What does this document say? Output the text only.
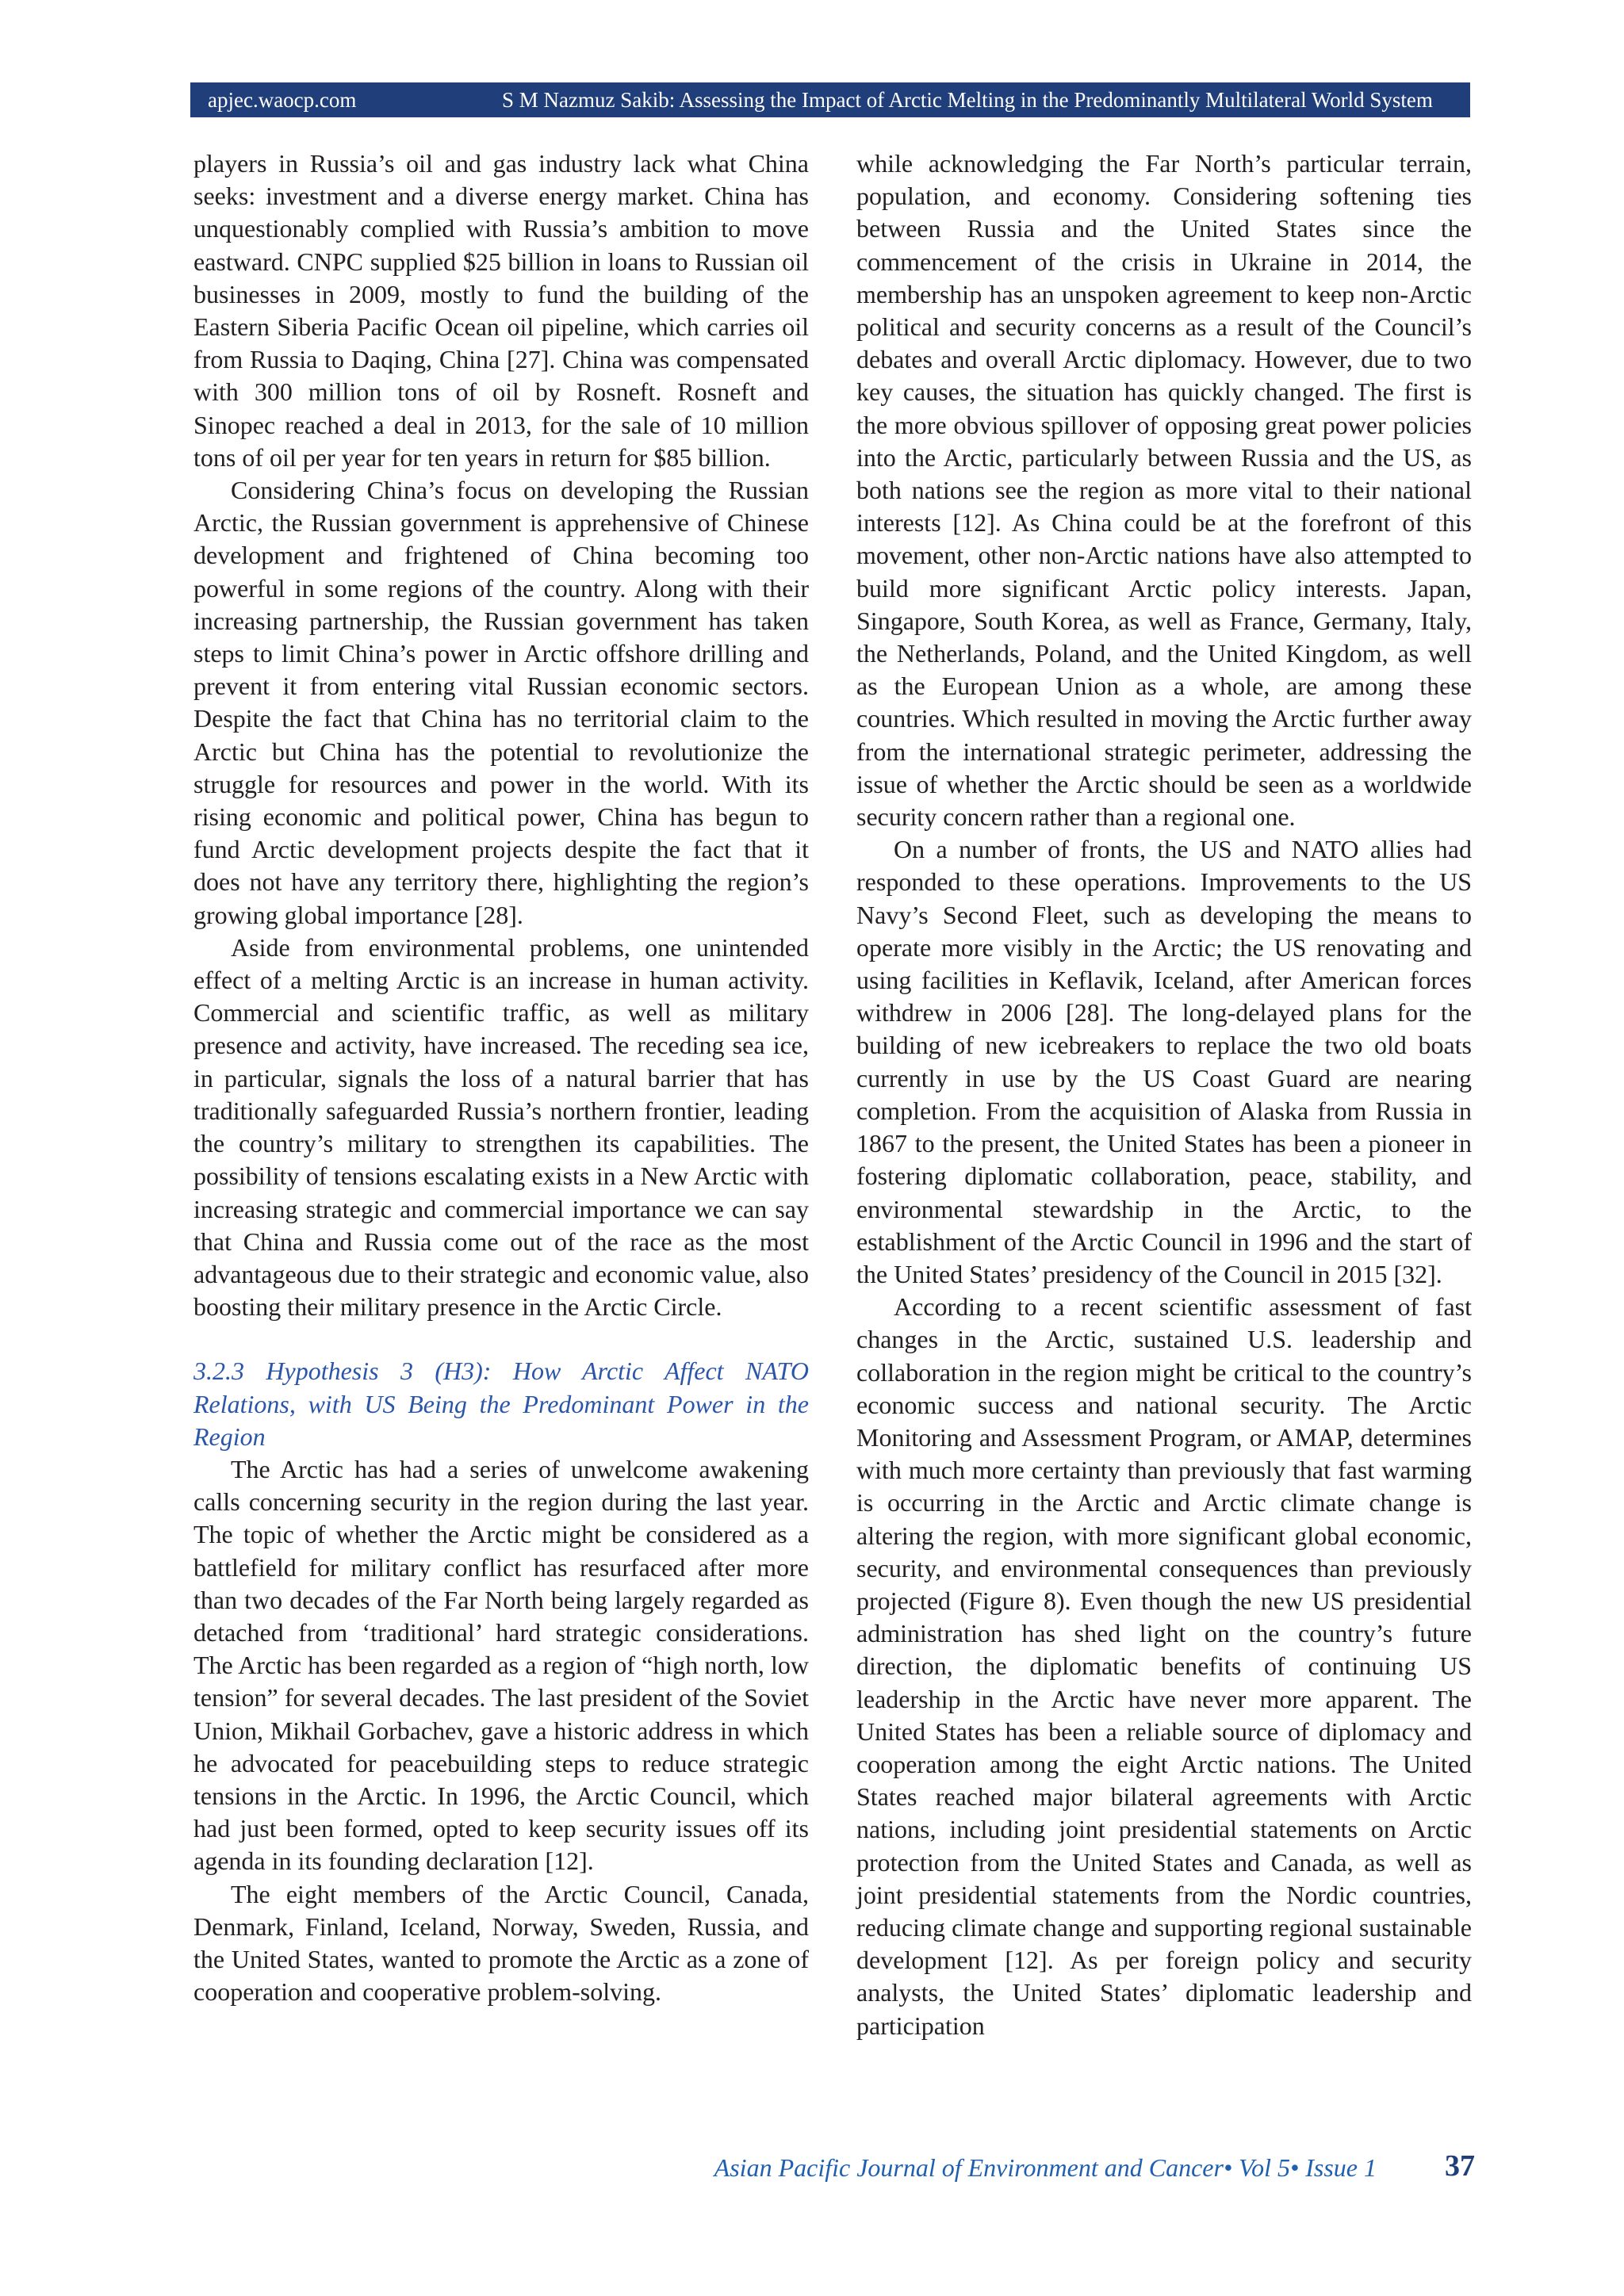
apjec.waocp.com	S M Nazmuz Sakib: Assessing the Impact of Arctic Melting in the Predominantly Multilateral World System

players in Russia’s oil and gas industry lack what China seeks: investment and a diverse energy market. China has unquestionably complied with Russia’s ambition to move eastward. CNPC supplied $25 billion in loans to Russian oil businesses in 2009, mostly to fund the building of the Eastern Siberia Pacific Ocean oil pipeline, which carries oil from Russia to Daqing, China [27]. China was compensated with 300 million tons of oil by Rosneft. Rosneft and Sinopec reached a deal in 2013, for the sale of 10 million tons of oil per year for ten years in return for $85 billion.

Considering China’s focus on developing the Russian Arctic, the Russian government is apprehensive of Chinese development and frightened of China becoming too powerful in some regions of the country. Along with their increasing partnership, the Russian government has taken steps to limit China’s power in Arctic offshore drilling and prevent it from entering vital Russian economic sectors. Despite the fact that China has no territorial claim to the Arctic but China has the potential to revolutionize the struggle for resources and power in the world. With its rising economic and political power, China has begun to fund Arctic development projects despite the fact that it does not have any territory there, highlighting the region’s growing global importance [28].

Aside from environmental problems, one unintended effect of a melting Arctic is an increase in human activity. Commercial and scientific traffic, as well as military presence and activity, have increased. The receding sea ice, in particular, signals the loss of a natural barrier that has traditionally safeguarded Russia’s northern frontier, leading the country’s military to strengthen its capabilities. The possibility of tensions escalating exists in a New Arctic with increasing strategic and commercial importance we can say that China and Russia come out of the race as the most advantageous due to their strategic and economic value, also boosting their military presence in the Arctic Circle.

3.2.3 Hypothesis 3 (H3): How Arctic Affect NATO Relations, with US Being the Predominant Power in the Region

The Arctic has had a series of unwelcome awakening calls concerning security in the region during the last year. The topic of whether the Arctic might be considered as a battlefield for military conflict has resurfaced after more than two decades of the Far North being largely regarded as detached from ‘traditional’ hard strategic considerations. The Arctic has been regarded as a region of “high north, low tension” for several decades. The last president of the Soviet Union, Mikhail Gorbachev, gave a historic address in which he advocated for peacebuilding steps to reduce strategic tensions in the Arctic. In 1996, the Arctic Council, which had just been formed, opted to keep security issues off its agenda in its founding declaration [12].

The eight members of the Arctic Council, Canada, Denmark, Finland, Iceland, Norway, Sweden, Russia, and the United States, wanted to promote the Arctic as a zone of cooperation and cooperative problem-solving.

while acknowledging the Far North’s particular terrain, population, and economy. Considering softening ties between Russia and the United States since the commencement of the crisis in Ukraine in 2014, the membership has an unspoken agreement to keep non-Arctic political and security concerns as a result of the Council’s debates and overall Arctic diplomacy. However, due to two key causes, the situation has quickly changed. The first is the more obvious spillover of opposing great power policies into the Arctic, particularly between Russia and the US, as both nations see the region as more vital to their national interests [12]. As China could be at the forefront of this movement, other non-Arctic nations have also attempted to build more significant Arctic policy interests. Japan, Singapore, South Korea, as well as France, Germany, Italy, the Netherlands, Poland, and the United Kingdom, as well as the European Union as a whole, are among these countries. Which resulted in moving the Arctic further away from the international strategic perimeter, addressing the issue of whether the Arctic should be seen as a worldwide security concern rather than a regional one.

On a number of fronts, the US and NATO allies had responded to these operations. Improvements to the US Navy’s Second Fleet, such as developing the means to operate more visibly in the Arctic; the US renovating and using facilities in Keflavik, Iceland, after American forces withdrew in 2006 [28]. The long-delayed plans for the building of new icebreakers to replace the two old boats currently in use by the US Coast Guard are nearing completion. From the acquisition of Alaska from Russia in 1867 to the present, the United States has been a pioneer in fostering diplomatic collaboration, peace, stability, and environmental stewardship in the Arctic, to the establishment of the Arctic Council in 1996 and the start of the United States’ presidency of the Council in 2015 [32].

According to a recent scientific assessment of fast changes in the Arctic, sustained U.S. leadership and collaboration in the region might be critical to the country’s economic success and national security. The Arctic Monitoring and Assessment Program, or AMAP, determines with much more certainty than previously that fast warming is occurring in the Arctic and Arctic climate change is altering the region, with more significant global economic, security, and environmental consequences than previously projected (Figure 8). Even though the new US presidential administration has shed light on the country’s future direction, the diplomatic benefits of continuing US leadership in the Arctic have never more apparent. The United States has been a reliable source of diplomacy and cooperation among the eight Arctic nations. The United States reached major bilateral agreements with Arctic nations, including joint presidential statements on Arctic protection from the United States and Canada, as well as joint presidential statements from the Nordic countries, reducing climate change and supporting regional sustainable development [12]. As per foreign policy and security analysts, the United States’ diplomatic leadership and participation

Asian Pacific Journal of Environment and Cancer• Vol 5• Issue 1	37
